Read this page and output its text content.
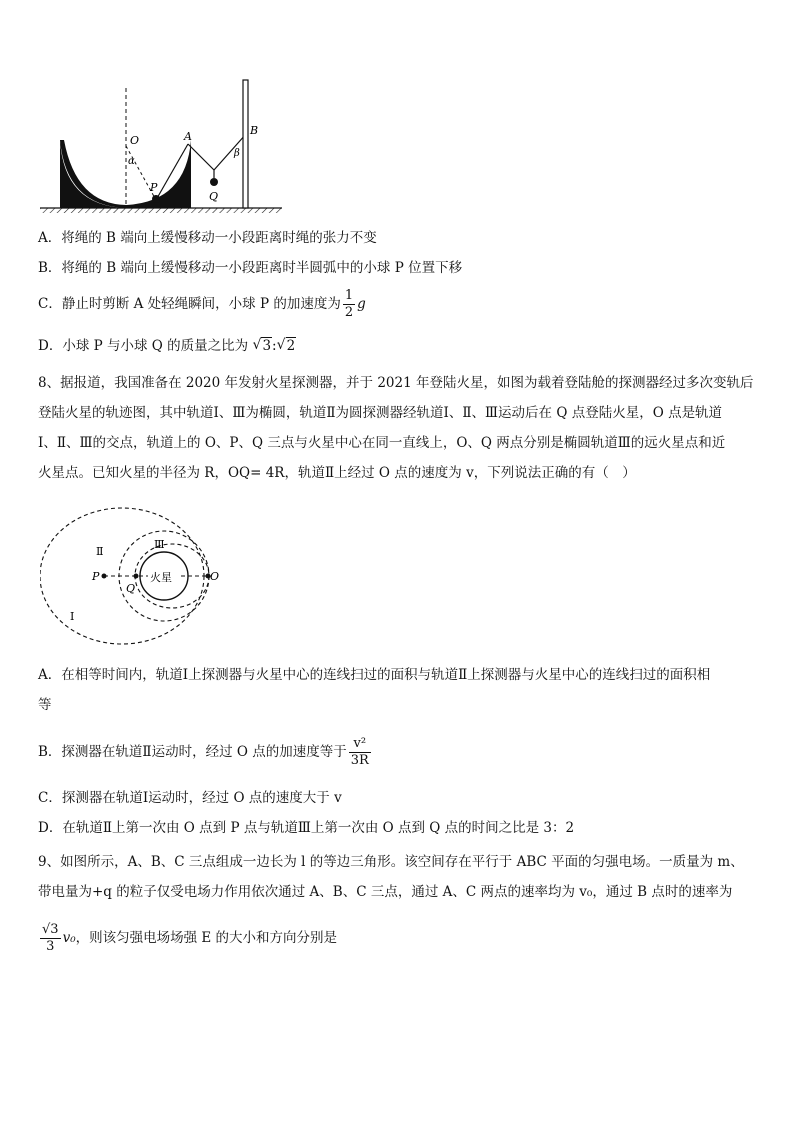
O
α
P
A
Q
β
B
A．将绳的 B 端向上缓慢移动一小段距离时绳的张力不变
B．将绳的 B 端向上缓慢移动一小段距离时半圆弧中的小球 P 位置下移
C．静止时剪断 A 处轻绳瞬间，小球 P 的加速度为 $\frac{1}{2}$ g
D．小球 P 与小球 Q 的质量之比为 √ 3: √ 2
8、据报道，我国准备在 2020 年发射火星探测器，并于 2021 年登陆火星，如图为载着登陆舱的探测器经过多次变轨后
登陆火星的轨迹图，其中轨道Ⅰ、Ⅲ为椭圆，轨道Ⅱ为圆探测器经轨道Ⅰ、Ⅱ、Ⅲ运动后在 Q 点登陆火星，O 点是轨道
Ⅰ、Ⅱ、Ⅲ的交点，轨道上的 O、P、Q 三点与火星中心在同一直线上，O、Q 两点分别是椭圆轨道Ⅲ的远火星点和近
火星点。已知火星的半径为 R，OQ= 4R，轨道Ⅱ上经过 O 点的速度为 v，下列说法正确的有（　）
火星
Ⅱ
Ⅲ
Ⅰ
P
Q
O
A．在相等时间内，轨道Ⅰ上探测器与火星中心的连线扫过的面积与轨道Ⅱ上探测器与火星中心的连线扫过的面积相
等
B．探测器在轨道Ⅱ运动时，经过 O 点的加速度等于 $\frac{\text{v²}}{3R}$
C．探测器在轨道Ⅰ运动时，经过 O 点的速度大于 v
D．在轨道Ⅱ上第一次由 O 点到 P 点与轨道Ⅲ上第一次由 O 点到 Q 点的时间之比是 3：2
9、如图所示，A、B、C 三点组成一边长为 l 的等边三角形。该空间存在平行于 ABC 平面的匀强电场。一质量为 m、
带电量为+q 的粒子仅受电场力作用依次通过 A、B、C 三点，通过 A、C 两点的速率均为 v₀，通过 B 点时的速率为
$\frac{√3}{3} v_0$，则该匀强电场场强 E 的大小和方向分别是
